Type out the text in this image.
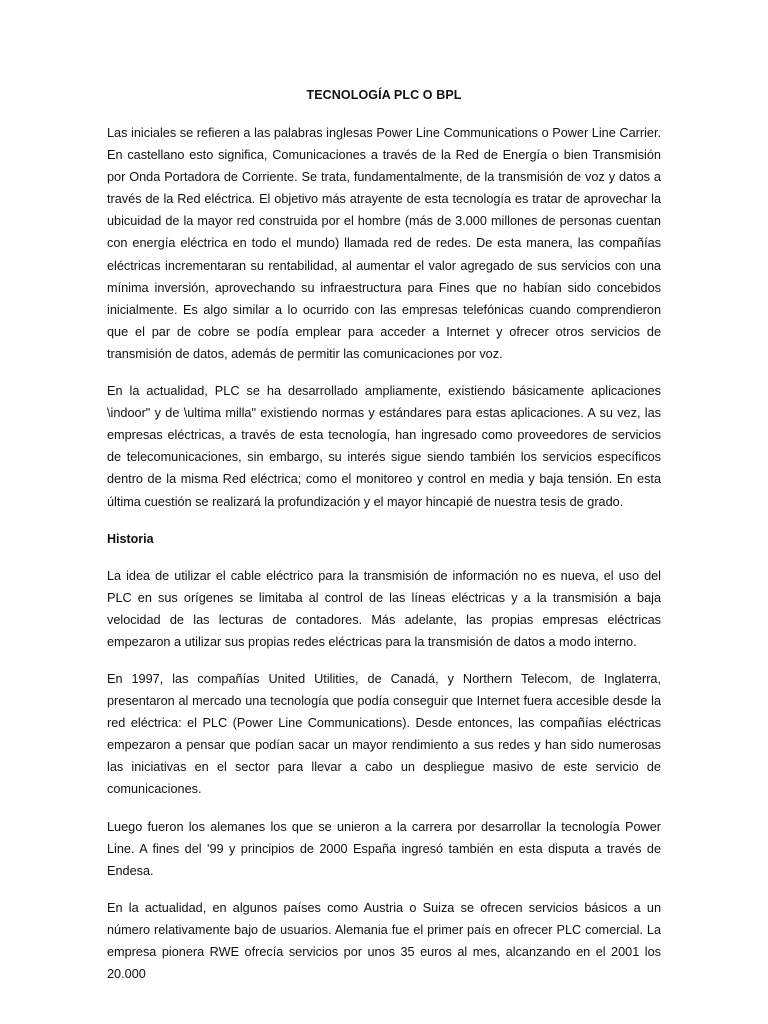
TECNOLOGÍA PLC O BPL

Las iniciales se refieren a las palabras inglesas Power Line Communications o Power Line Carrier. En castellano esto significa, Comunicaciones a través de la Red de Energía o bien Transmisión por Onda Portadora de Corriente. Se trata, fundamentalmente, de la transmisión de voz y datos a través de la Red eléctrica. El objetivo más atrayente de esta tecnología es tratar de aprovechar la ubicuidad de la mayor red construida por el hombre (más de 3.000 millones de personas cuentan con energía eléctrica en todo el mundo) llamada red de redes. De esta manera, las compañías eléctricas incrementaran su rentabilidad, al aumentar el valor agregado de sus servicios con una mínima inversión, aprovechando su infraestructura para Fines que no habían sido concebidos inicialmente. Es algo similar a lo ocurrido con las empresas telefónicas cuando comprendieron que el par de cobre se podía emplear para acceder a Internet y ofrecer otros servicios de transmisión de datos, además de permitir las comunicaciones por voz.

En la actualidad, PLC se ha desarrollado ampliamente, existiendo básicamente aplicaciones \indoor" y de \ultima milla" existiendo normas y estándares para estas aplicaciones. A su vez, las empresas eléctricas, a través de esta tecnología, han ingresado como proveedores de servicios de telecomunicaciones, sin embargo, su interés sigue siendo también los servicios específicos dentro de la misma Red eléctrica; como el monitoreo y control en media y baja tensión. En esta última cuestión se realizará la profundización y el mayor hincapié de nuestra tesis de grado.

Historia

La idea de utilizar el cable eléctrico para la transmisión de información no es nueva, el uso del PLC en sus orígenes se limitaba al control de las líneas eléctricas y a la transmisión a baja velocidad de las lecturas de contadores. Más adelante, las propias empresas eléctricas empezaron a utilizar sus propias redes eléctricas para la transmisión de datos a modo interno.

En 1997, las compañías United Utilities, de Canadá, y Northern Telecom, de Inglaterra, presentaron al mercado una tecnología que podía conseguir que Internet fuera accesible desde la red eléctrica: el PLC (Power Line Communications). Desde entonces, las compañías eléctricas empezaron a pensar que podían sacar un mayor rendimiento a sus redes y han sido numerosas las iniciativas en el sector para llevar a cabo un despliegue masivo de este servicio de comunicaciones.

Luego fueron los alemanes los que se unieron a la carrera por desarrollar la tecnología Power Line. A fines del '99 y principios de 2000 España ingresó también en esta disputa a través de Endesa.

En la actualidad, en algunos países como Austria o Suiza se ofrecen servicios básicos a un número relativamente bajo de usuarios. Alemania fue el primer país en ofrecer PLC comercial. La empresa pionera RWE ofrecía servicios por unos 35 euros al mes, alcanzando en el 2001 los 20.000
